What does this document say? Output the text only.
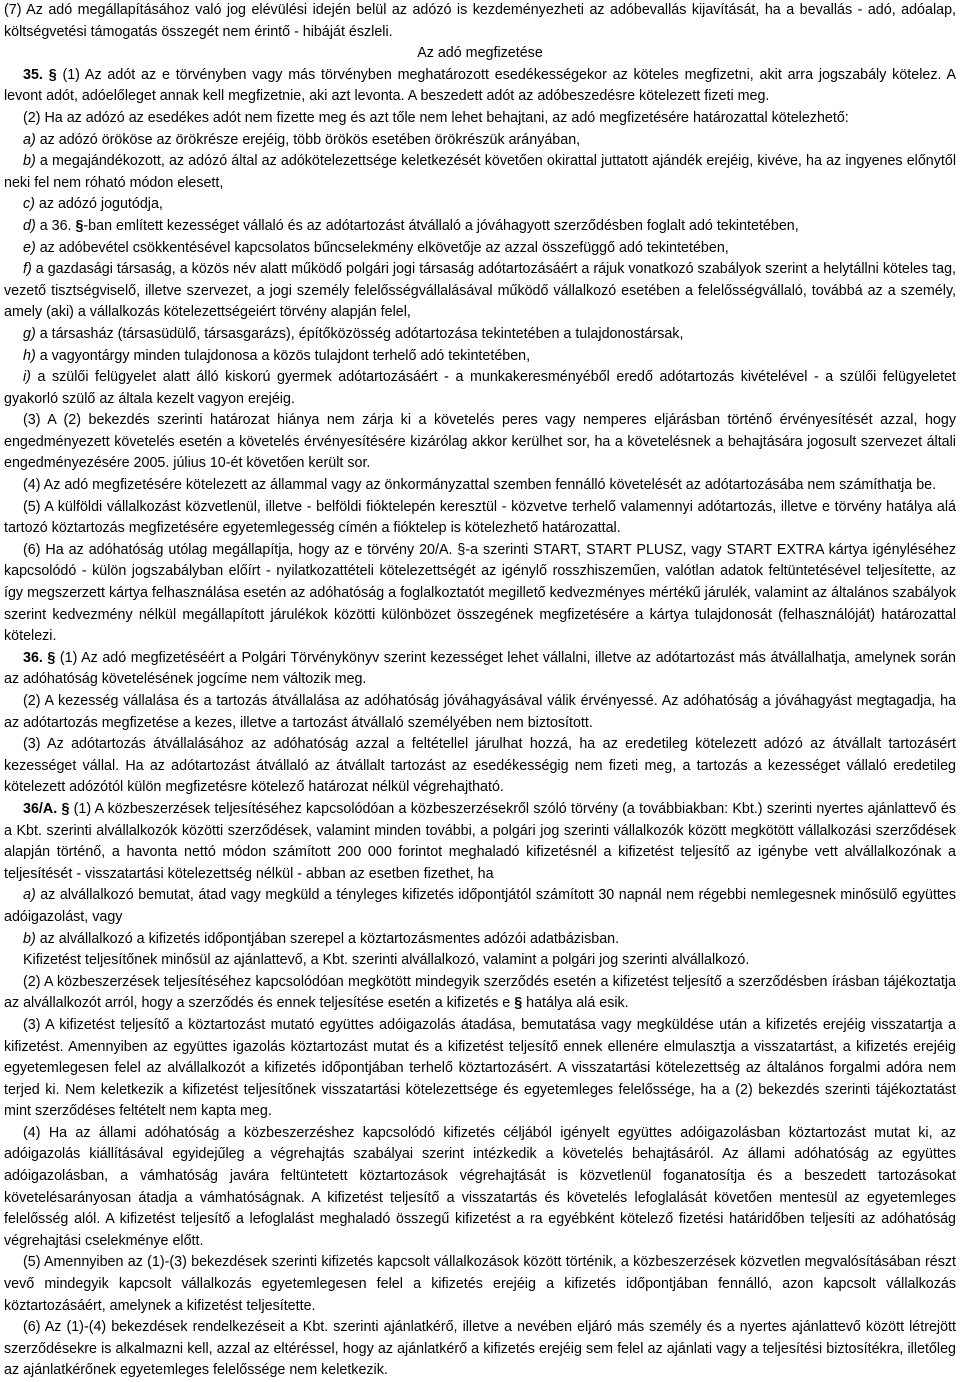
(7) Az adó megállapításához való jog elévülési idején belül az adózó is kezdeményezheti az adóbevallás kijavítását, ha a bevallás - adó, adóalap, költségvetési támogatás összegét nem érintő - hibáját észleli.

Az adó megfizetése

35. § (1) Az adót az e törvényben vagy más törvényben meghatározott esedékességekor az köteles megfizetni, akit arra jogszabály kötelez. A levont adót, adóelőleget annak kell megfizetnie, aki azt levonta. A beszedett adót az adóbeszedésre kötelezett fizeti meg.

(2) Ha az adózó az esedékes adót nem fizette meg és azt tőle nem lehet behajtani, az adó megfizetésére határozattal kötelezhető:

a) az adózó örököse az örökrésze erejéig, több örökös esetében örökrészük arányában,

b) a megajándékozott, az adózó által az adókötelezettsége keletkezését követően okirattal juttatott ajándék erejéig, kivéve, ha az ingyenes előnytől neki fel nem róható módon elesett,

c) az adózó jogutódja,

d) a 36. §-ban említett kezességet vállaló és az adótartozást átvállaló a jóváhagyott szerződésben foglalt adó tekintetében,

e) az adóbevétel csökkentésével kapcsolatos bűncselekmény elkövetője az azzal összefüggő adó tekintetében,

f) a gazdasági társaság, a közös név alatt működő polgári jogi társaság adótartozásáért a rájuk vonatkozó szabályok szerint a helytállni köteles tag, vezető tisztségviselő, illetve szervezet, a jogi személy felelősségvállalásával működő vállalkozó esetében a felelősségvállaló, továbbá az a személy, amely (aki) a vállalkozás kötelezettségeiért törvény alapján felel,

g) a társasház (társasüdülő, társasgarázs), építőközösség adótartozása tekintetében a tulajdonostársak,

h) a vagyontárgy minden tulajdonosa a közös tulajdont terhelő adó tekintetében,

i) a szülői felügyelet alatt álló kiskorú gyermek adótartozásáért - a munkakeresményéből eredő adótartozás kivételével - a szülői felügyeletet gyakorló szülő az általa kezelt vagyon erejéig.

(3) A (2) bekezdés szerinti határozat hiánya nem zárja ki a követelés peres vagy nemperes eljárásban történő érvényesítését azzal, hogy engedményezett követelés esetén a követelés érvényesítésére kizárólag akkor kerülhet sor, ha a követelésnek a behajtására jogosult szervezet általi engedményezésére 2005. július 10-ét követően került sor.

(4) Az adó megfizetésére kötelezett az állammal vagy az önkormányzattal szemben fennálló követelését az adótartozásába nem számíthatja be.

(5) A külföldi vállalkozást közvetlenül, illetve - belföldi fióktelepén keresztül - közvetve terhelő valamennyi adótartozás, illetve e törvény hatálya alá tartozó köztartozás megfizetésére egyetemlegesség címén a fióktelep is kötelezhető határozattal.

(6) Ha az adóhatóság utólag megállapítja, hogy az e törvény 20/A. §-a szerinti START, START PLUSZ, vagy START EXTRA kártya igényléséhez kapcsolódó - külön jogszabályban előírt - nyilatkozattételi kötelezettségét az igénylő rosszhiszeműen, valótlan adatok feltüntetésével teljesítette, az így megszerzett kártya felhasználása esetén az adóhatóság a foglalkoztatót megillető kedvezményes mértékű járulék, valamint az általános szabályok szerint kedvezmény nélkül megállapított járulékok közötti különbözet összegének megfizetésére a kártya tulajdonosát (felhasználóját) határozattal kötelezi.

36. § (1) Az adó megfizetéséért a Polgári Törvénykönyv szerint kezességet lehet vállalni, illetve az adótartozást más átvállalhatja, amelynek során az adóhatóság követelésének jogcíme nem változik meg.

(2) A kezesség vállalása és a tartozás átvállalása az adóhatóság jóváhagyásával válik érvényessé. Az adóhatóság a jóváhagyást megtagadja, ha az adótartozás megfizetése a kezes, illetve a tartozást átvállaló személyében nem biztosított.

(3) Az adótartozás átvállalásához az adóhatóság azzal a feltétellel járulhat hozzá, ha az eredetileg kötelezett adózó az átvállalt tartozásért kezességet vállal. Ha az adótartozást átvállaló az átvállalt tartozást az esedékességig nem fizeti meg, a tartozás a kezességet vállaló eredetileg kötelezett adózótól külön megfizetésre kötelező határozat nélkül végrehajtható.

36/A. § (1) A közbeszerzések teljesítéséhez kapcsolódóan a közbeszerzésekről szóló törvény (a továbbiakban: Kbt.) szerinti nyertes ajánlattevő és a Kbt. szerinti alvállalkozók közötti szerződések, valamint minden további, a polgári jog szerinti vállalkozók között megkötött vállalkozási szerződések alapján történő, a havonta nettó módon számított 200 000 forintot meghaladó kifizetésnél a kifizetést teljesítő az igénybe vett alvállalkozónak a teljesítését - visszatartási kötelezettség nélkül - abban az esetben fizethet, ha

a) az alvállalkozó bemutat, átad vagy megküld a tényleges kifizetés időpontjától számított 30 napnál nem régebbi nemlegesnek minősülő együttes adóigazolást, vagy

b) az alvállalkozó a kifizetés időpontjában szerepel a köztartozásmentes adózói adatbázisban.

Kifizetést teljesítőnek minősül az ajánlattevő, a Kbt. szerinti alvállalkozó, valamint a polgári jog szerinti alvállalkozó.

(2) A közbeszerzések teljesítéséhez kapcsolódóan megkötött mindegyik szerződés esetén a kifizetést teljesítő a szerződésben írásban tájékoztatja az alvállalkozót arról, hogy a szerződés és ennek teljesítése esetén a kifizetés e § hatálya alá esik.

(3) A kifizetést teljesítő a köztartozást mutató együttes adóigazolás átadása, bemutatása vagy megküldése után a kifizetés erejéig visszatartja a kifizetést. Amennyiben az együttes igazolás köztartozást mutat és a kifizetést teljesítő ennek ellenére elmulasztja a visszatartást, a kifizetés erejéig egyetemlegesen felel az alvállalkozót a kifizetés időpontjában terhelő köztartozásért. A visszatartási kötelezettség az általános forgalmi adóra nem terjed ki. Nem keletkezik a kifizetést teljesítőnek visszatartási kötelezettsége és egyetemleges felelőssége, ha a (2) bekezdés szerinti tájékoztatást mint szerződéses feltételt nem kapta meg.

(4) Ha az állami adóhatóság a közbeszerzéshez kapcsolódó kifizetés céljából igényelt együttes adóigazolásban köztartozást mutat ki, az adóigazolás kiállításával egyidejűleg a végrehajtás szabályai szerint intézkedik a követelés behajtásáról. Az állami adóhatóság az együttes adóigazolásban, a vámhatóság javára feltüntetett köztartozások végrehajtását is közvetlenül foganatosítja és a beszedett tartozásokat követelésarányosan átadja a vámhatóságnak. A kifizetést teljesítő a visszatartás és követelés lefoglalását követően mentesül az egyetemleges felelősség alól. A kifizetést teljesítő a lefoglalást meghaladó összegű kifizetést a ra egyébként kötelező fizetési határidőben teljesíti az adóhatóság végrehajtási cselekménye előtt.

(5) Amennyiben az (1)-(3) bekezdések szerinti kifizetés kapcsolt vállalkozások között történik, a közbeszerzések közvetlen megvalósításában részt vevő mindegyik kapcsolt vállalkozás egyetemlegesen felel a kifizetés erejéig a kifizetés időpontjában fennálló, azon kapcsolt vállalkozás köztartozásáért, amelynek a kifizetést teljesítette.

(6) Az (1)-(4) bekezdések rendelkezéseit a Kbt. szerinti ajánlatkérő, illetve a nevében eljáró más személy és a nyertes ajánlattevő között létrejött szerződésekre is alkalmazni kell, azzal az eltéréssel, hogy az ajánlatkérő a kifizetés erejéig sem felel az ajánlati vagy a teljesítési biztosítékra, illetőleg az ajánlatkérőnek egyetemleges felelőssége nem keletkezik.
